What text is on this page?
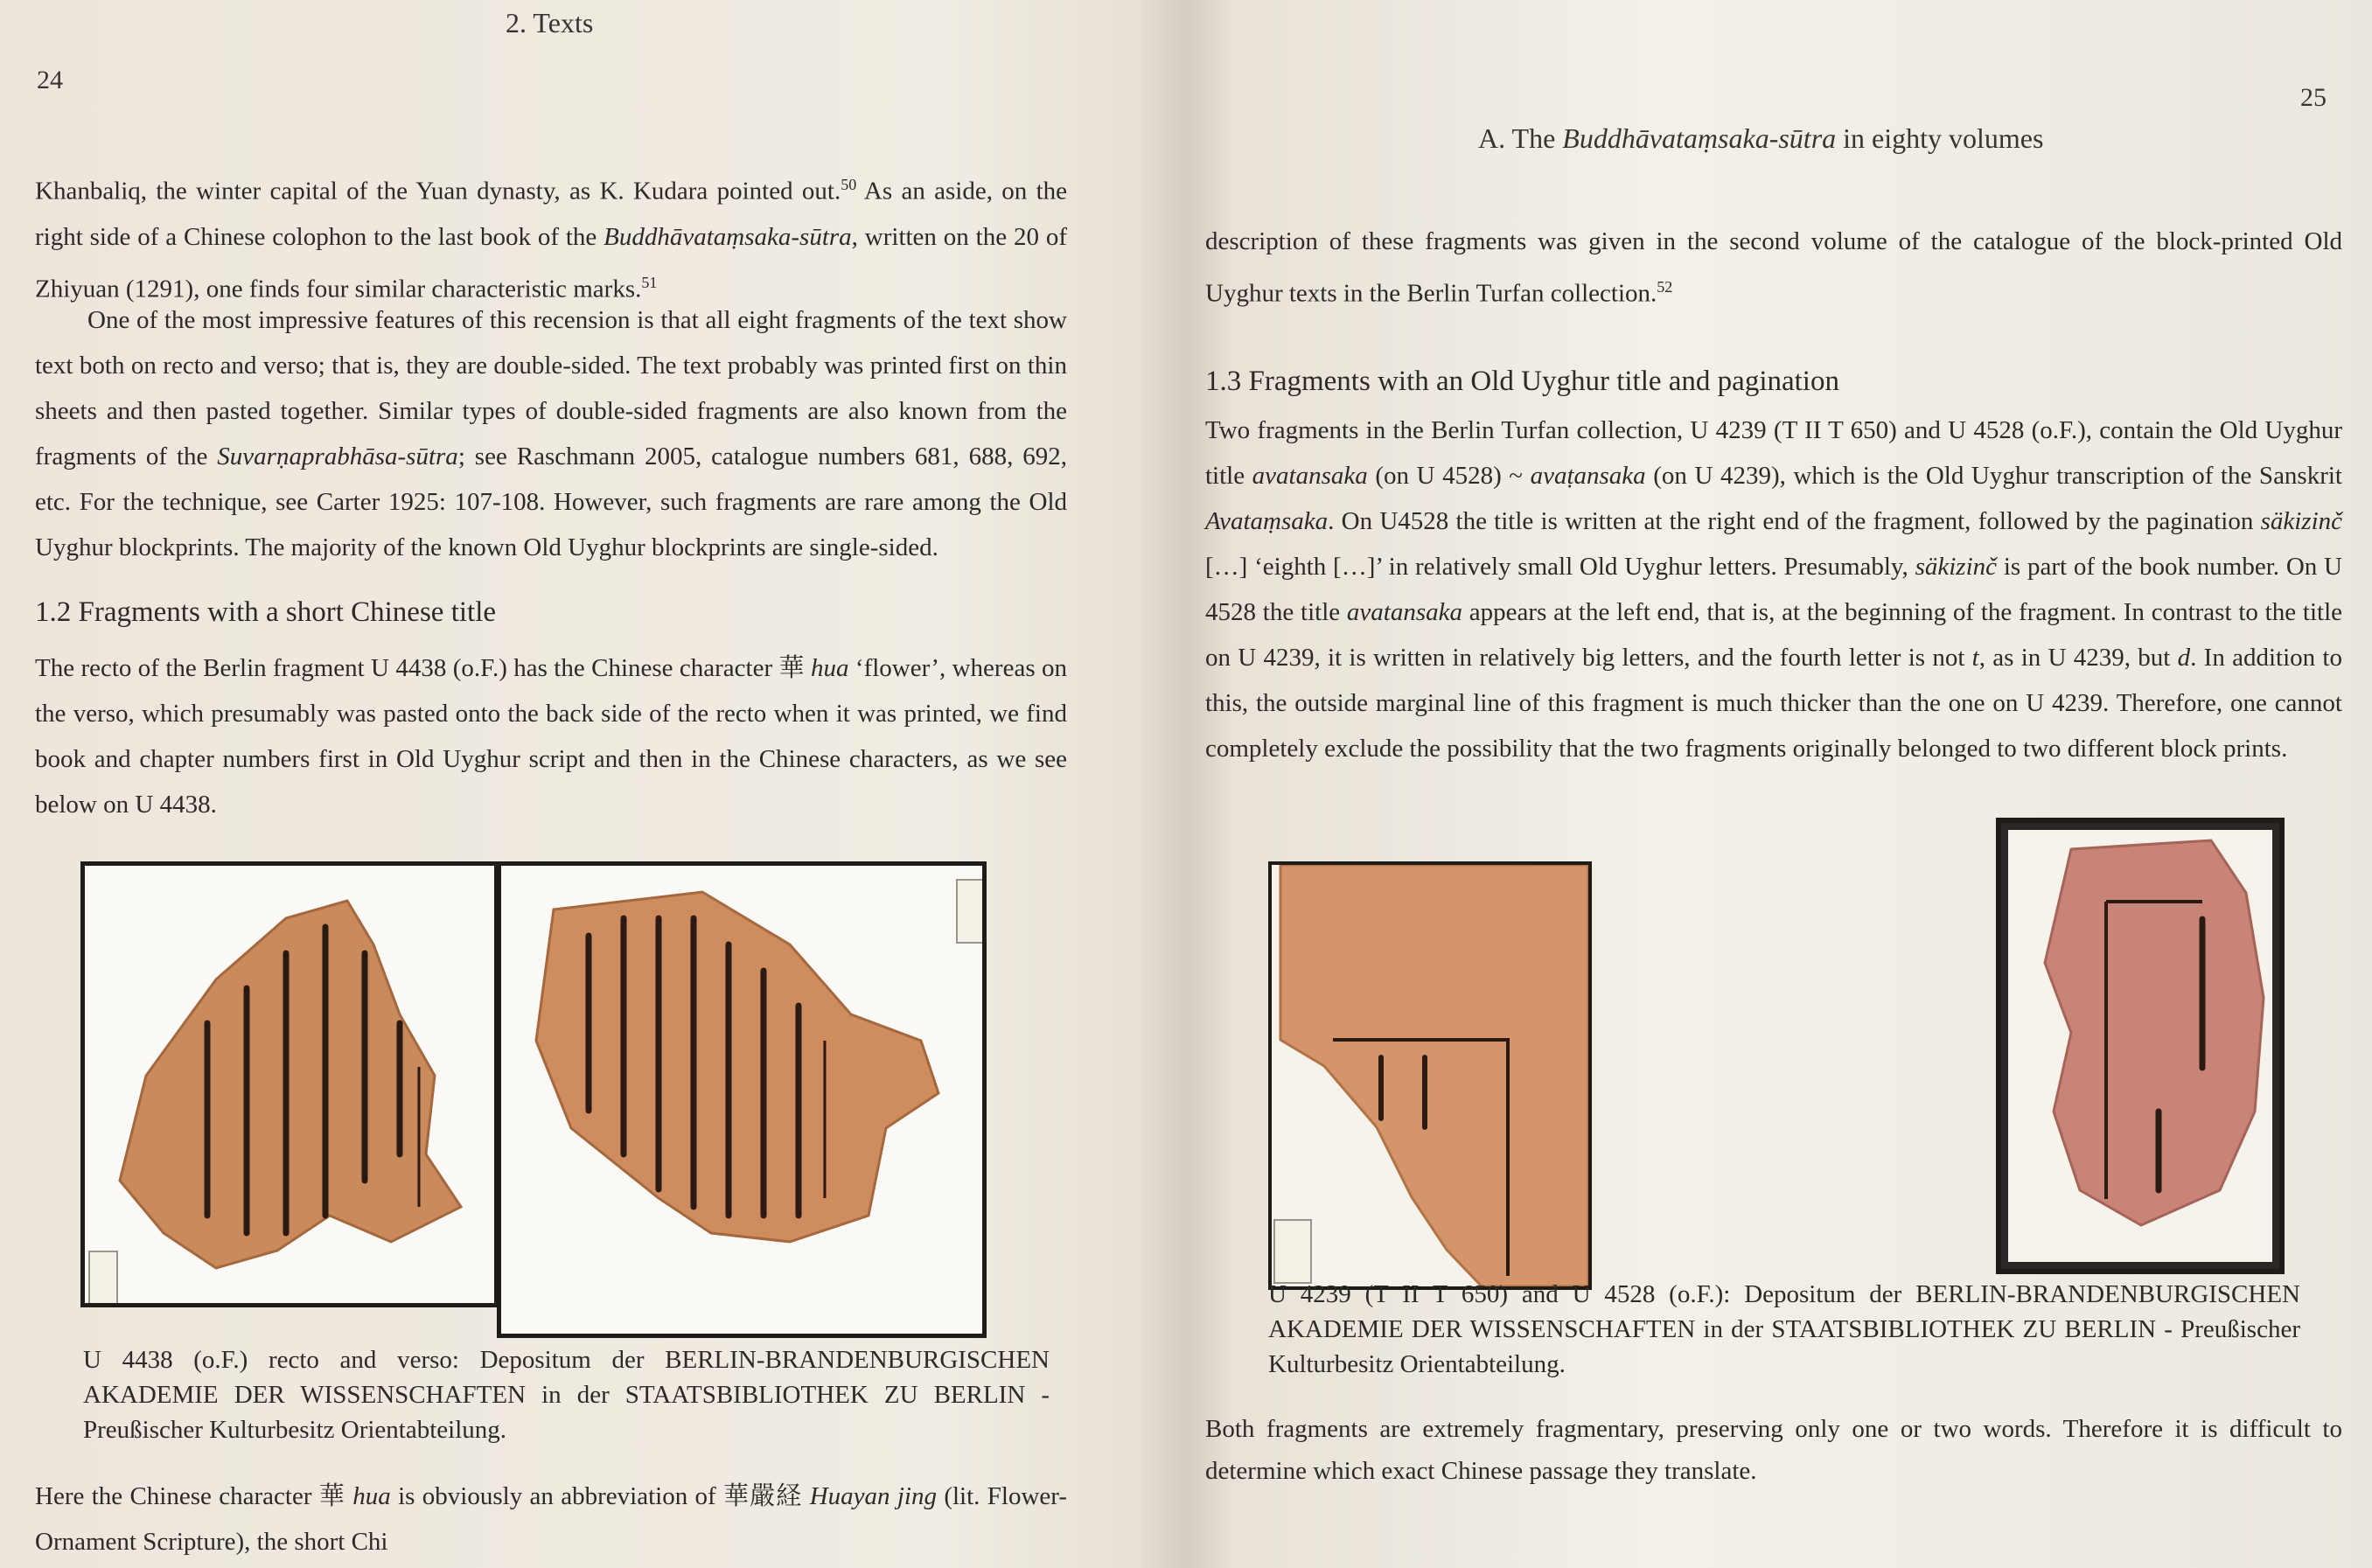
2. Texts
24

Khanbaliq, the winter capital of the Yuan dynasty, as K. Kudara pointed out.$^{50}$ As an aside, on the right side of a Chinese colophon to the last book of the Buddhāvataṃsaka-sūtra, written on the 20 of Zhiyuan (1291), one finds four similar characteristic marks.$^{51}$

One of the most impressive features of this recension is that all eight fragments of the text show text both on recto and verso; that is, they are double-sided. The text probably was printed first on thin sheets and then pasted together. Similar types of double-sided fragments are also known from the fragments of the Suvarṇaprabhāsa-sūtra; see Raschmann 2005, catalogue numbers 681, 688, 692, etc. For the technique, see Carter 1925: 107-108. However, such fragments are rare among the Old Uyghur blockprints. The majority of the known Old Uyghur blockprints are single-sided.

1.2 Fragments with a short Chinese title

The recto of the Berlin fragment U 4438 (o.F.) has the Chinese character 華 hua ‘flower’, whereas on the verso, which presumably was pasted onto the back side of the recto when it was printed, we find book and chapter numbers first in Old Uyghur script and then in the Chinese characters, as we see below on U 4438.

U 4438 (o.F.) recto and verso: Depositum der BERLIN-BRANDENBURGISCHEN AKADEMIE DER WISSENSCHAFTEN in der STAATSBIBLIOTHEK ZU BERLIN - Preußischer Kulturbesitz Orientabteilung.

Here the Chinese character 華 hua is obviously an abbreviation of 華嚴経 Huayan jing (lit. Flower-Ornament Scripture), the short Chi

A. The Buddhāvataṃsaka-sūtra in eighty volumes
25

description of these fragments was given in the second volume of the catalogue of the block-printed Old Uyghur texts in the Berlin Turfan collection.$^{52}$

1.3 Fragments with an Old Uyghur title and pagination

Two fragments in the Berlin Turfan collection, U 4239 (T II T 650) and U 4528 (o.F.), contain the Old Uyghur title avatansaka (on U 4528) ~ avaṭansaka (on U 4239), which is the Old Uyghur transcription of the Sanskrit Avataṃsaka. On U4528 the title is written at the right end of the fragment, followed by the pagination säkizinč […] ‘eighth […]’ in relatively small Old Uyghur letters. Presumably, säkizinč is part of the book number. On U 4528 the title avatansaka appears at the left end, that is, at the beginning of the fragment. In contrast to the title on U 4239, it is written in relatively big letters, and the fourth letter is not t, as in U 4239, but d. In addition to this, the outside marginal line of this fragment is much thicker than the one on U 4239. Therefore, one cannot completely exclude the possibility that the two fragments originally belonged to two different block prints.

U 4239 (T II T 650) and U 4528 (o.F.): Depositum der BERLIN-BRANDENBURGISCHEN AKADEMIE DER WISSENSCHAFTEN in der STAATSBIBLIOTHEK ZU BERLIN - Preußischer Kulturbesitz Orientabteilung.

Both fragments are extremely fragmentary, preserving only one or two words. Therefore it is difficult to determine which exact Chinese passage they translate.
